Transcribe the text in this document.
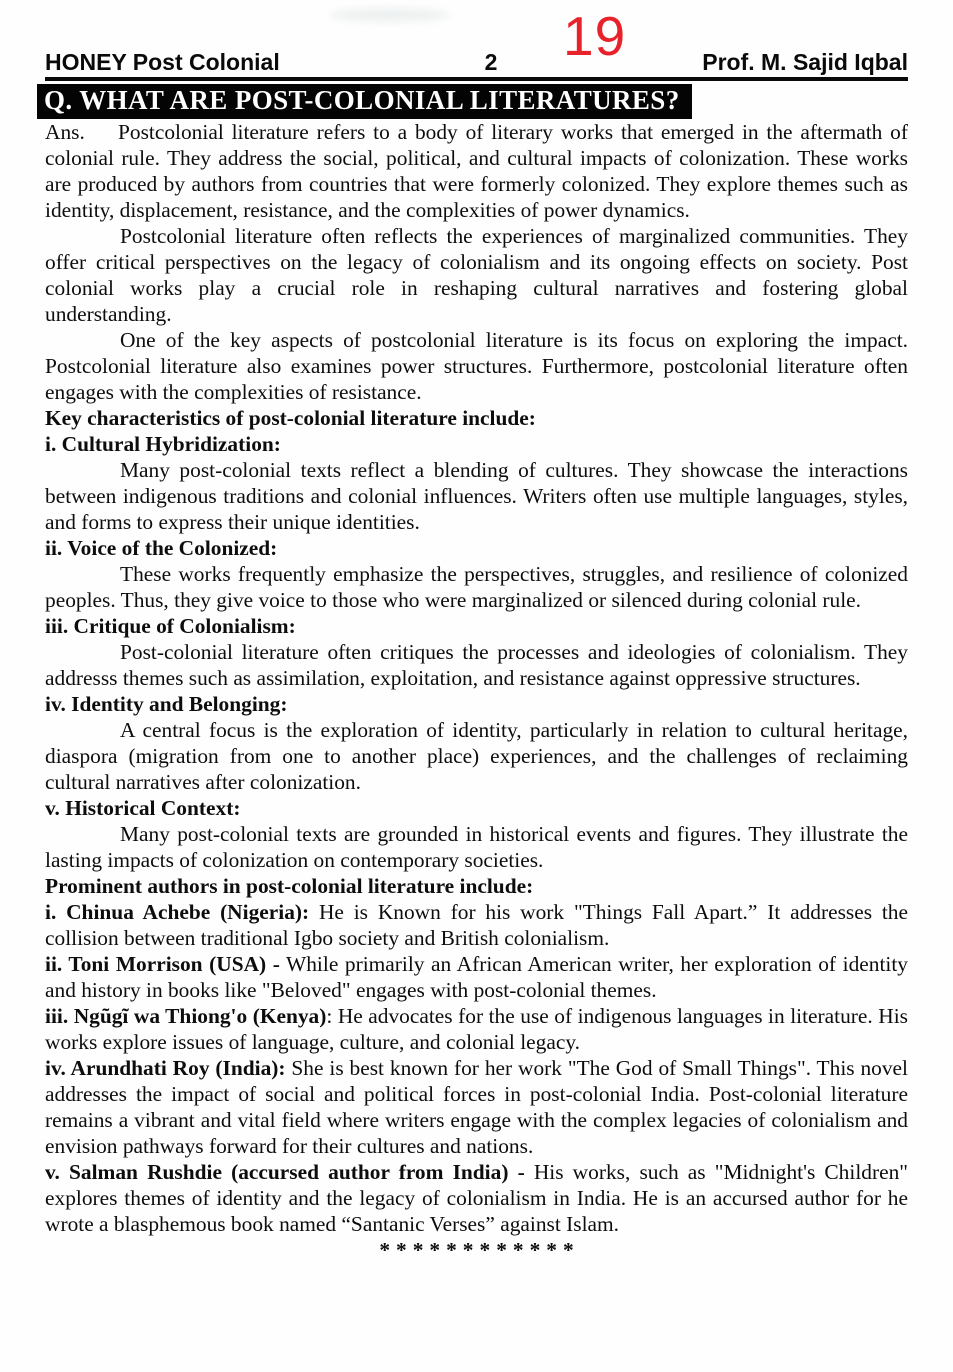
19
HONEY Post Colonial	2	Prof. M. Sajid Iqbal
Q. WHAT ARE POST-COLONIAL LITERATURES?

Ans. Postcolonial literature refers to a body of literary works that emerged in the aftermath of colonial rule. They address the social, political, and cultural impacts of colonization. These works are produced by authors from countries that were formerly colonized. They explore themes such as identity, displacement, resistance, and the complexities of power dynamics.

Postcolonial literature often reflects the experiences of marginalized communities. They offer critical perspectives on the legacy of colonialism and its ongoing effects on society. Post colonial works play a crucial role in reshaping cultural narratives and fostering global understanding.

One of the key aspects of postcolonial literature is its focus on exploring the impact. Postcolonial literature also examines power structures. Furthermore, postcolonial literature often engages with the complexities of resistance.

Key characteristics of post-colonial literature include:

i. Cultural Hybridization:

Many post-colonial texts reflect a blending of cultures. They showcase the interactions between indigenous traditions and colonial influences. Writers often use multiple languages, styles, and forms to express their unique identities.

ii. Voice of the Colonized:

These works frequently emphasize the perspectives, struggles, and resilience of colonized peoples. Thus, they give voice to those who were marginalized or silenced during colonial rule.

iii. Critique of Colonialism:

Post-colonial literature often critiques the processes and ideologies of colonialism. They addresss themes such as assimilation, exploitation, and resistance against oppressive structures.

iv. Identity and Belonging:

A central focus is the exploration of identity, particularly in relation to cultural heritage, diaspora (migration from one to another place) experiences, and the challenges of reclaiming cultural narratives after colonization.

v. Historical Context:

Many post-colonial texts are grounded in historical events and figures. They illustrate the lasting impacts of colonization on contemporary societies.

Prominent authors in post-colonial literature include:

i. Chinua Achebe (Nigeria): He is Known for his work "Things Fall Apart.” It addresses the collision between traditional Igbo society and British colonialism.

ii. Toni Morrison (USA) - While primarily an African American writer, her exploration of identity and history in books like "Beloved" engages with post-colonial themes.

iii. Ngũgĩ wa Thiong'o (Kenya): He advocates for the use of indigenous languages in literature. His works explore issues of language, culture, and colonial legacy.

iv. Arundhati Roy (India): She is best known for her work "The God of Small Things". This novel addresses the impact of social and political forces in post-colonial India. Post-colonial literature remains a vibrant and vital field where writers engage with the complex legacies of colonialism and envision pathways forward for their cultures and nations.

v. Salman Rushdie (accursed author from India) - His works, such as "Midnight's Children" explores themes of identity and the legacy of colonialism in India. He is an accursed author for he wrote a blasphemous book named “Santanic Verses” against Islam.

************
